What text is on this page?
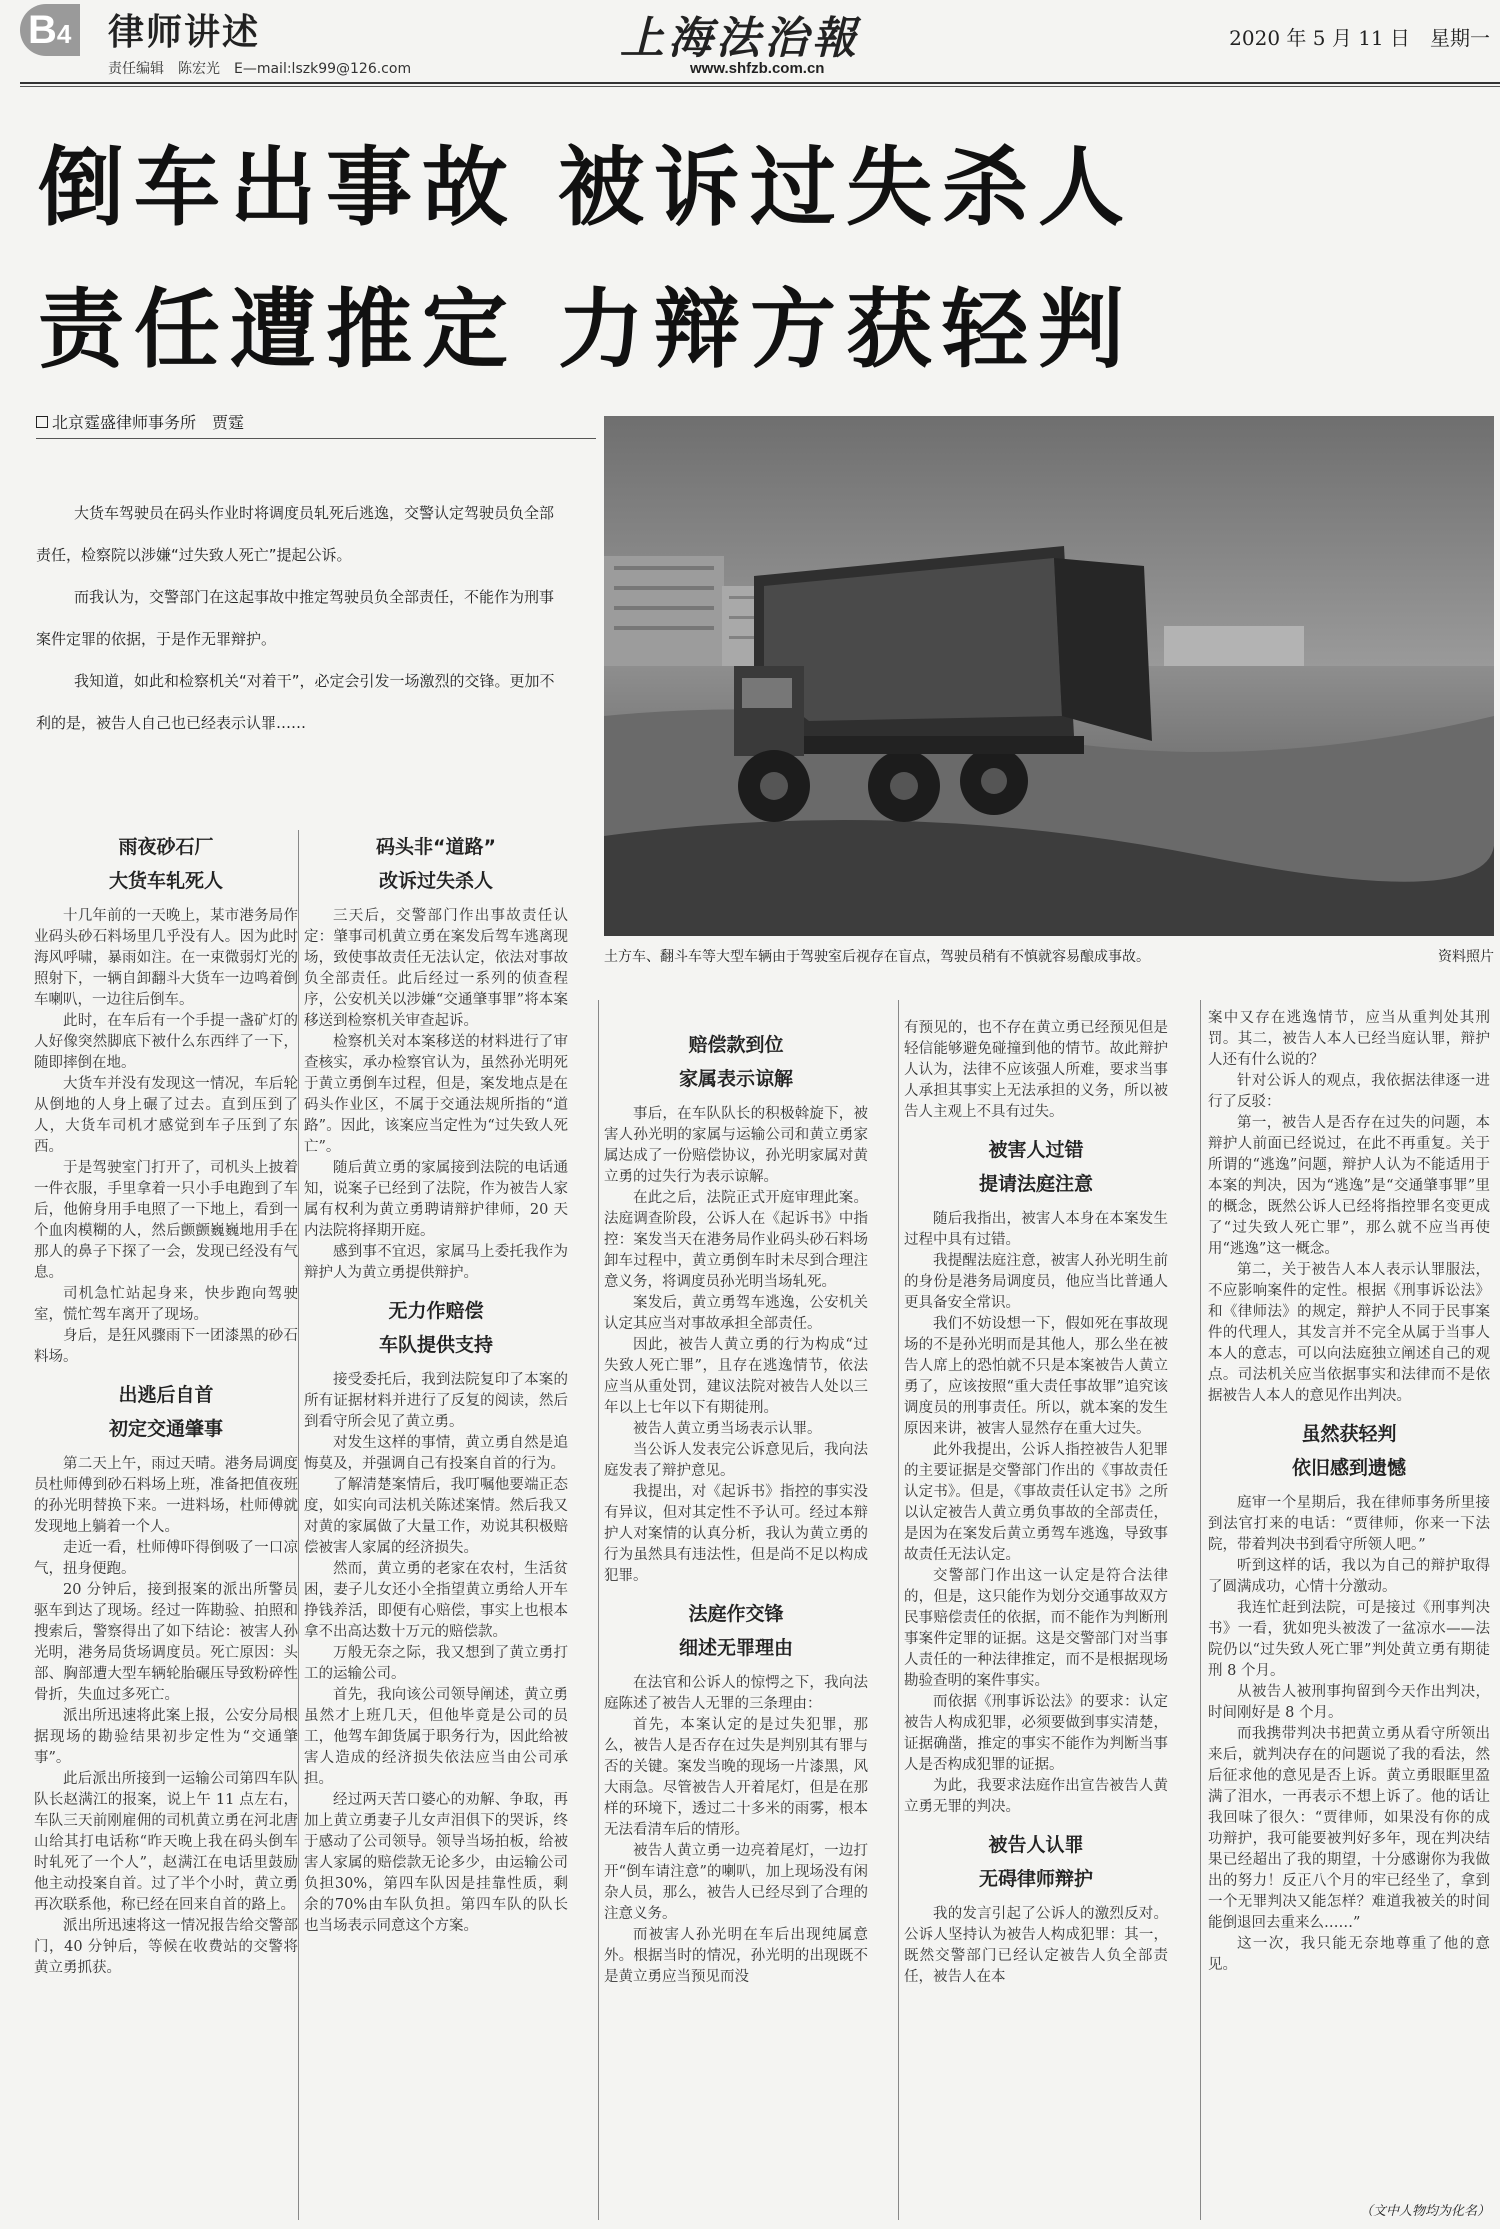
B4 律师讲述
责任编辑　陈宏光　E—mail:lszk99@126.com
上海法治報
www.shfzb.com.cn
2020 年 5 月 11 日　星期一
倒车出事故 被诉过失杀人
责任遭推定 力辩方获轻判
北京霆盛律师事务所　贾霆

大货车驾驶员在码头作业时将调度员轧死后逃逸，交警认定驾驶员负全部责任，检察院以涉嫌“过失致人死亡”提起公诉。

而我认为，交警部门在这起事故中推定驾驶员负全部责任，不能作为刑事案件定罪的依据，于是作无罪辩护。

我知道，如此和检察机关“对着干”，必定会引发一场激烈的交锋。更加不利的是，被告人自己也已经表示认罪……

土方车、翻斗车等大型车辆由于驾驶室后视存在盲点，驾驶员稍有不慎就容易酿成事故。	资料照片
雨夜砂石厂
大货车轧死人

十几年前的一天晚上，某市港务局作业码头砂石料场里几乎没有人。因为此时海风呼啸，暴雨如注。在一束微弱灯光的照射下，一辆自卸翻斗大货车一边鸣着倒车喇叭，一边往后倒车。

此时，在车后有一个手提一盏矿灯的人好像突然脚底下被什么东西绊了一下，随即摔倒在地。

大货车并没有发现这一情况，车后轮从倒地的人身上碾了过去。直到压到了人，大货车司机才感觉到车子压到了东西。

于是驾驶室门打开了，司机头上披着一件衣服，手里拿着一只小手电跑到了车后，他俯身用手电照了一下地上，看到一个血肉模糊的人，然后颤颤巍巍地用手在那人的鼻子下探了一会，发现已经没有气息。

司机急忙站起身来，快步跑向驾驶室，慌忙驾车离开了现场。

身后，是狂风骤雨下一团漆黑的砂石料场。

出逃后自首
初定交通肇事

第二天上午，雨过天晴。港务局调度员杜师傅到砂石料场上班，准备把值夜班的孙光明替换下来。一进料场，杜师傅就发现地上躺着一个人。

走近一看，杜师傅吓得倒吸了一口凉气，扭身便跑。

20 分钟后，接到报案的派出所警员驱车到达了现场。经过一阵勘验、拍照和搜索后，警察得出了如下结论：被害人孙光明，港务局货场调度员。死亡原因：头部、胸部遭大型车辆轮胎碾压导致粉碎性骨折，失血过多死亡。

派出所迅速将此案上报，公安分局根据现场的勘验结果初步定性为“交通肇事”。

此后派出所接到一运输公司第四车队队长赵满江的报案，说上午 11 点左右，车队三天前刚雇佣的司机黄立勇在河北唐山给其打电话称“昨天晚上我在码头倒车时轧死了一个人”，赵满江在电话里鼓励他主动投案自首。过了半个小时，黄立勇再次联系他，称已经在回来自首的路上。

派出所迅速将这一情况报告给交警部门，40 分钟后，等候在收费站的交警将黄立勇抓获。

码头非“道路”
改诉过失杀人

三天后，交警部门作出事故责任认定：肇事司机黄立勇在案发后驾车逃离现场，致使事故责任无法认定，依法对事故负全部责任。此后经过一系列的侦查程序，公安机关以涉嫌“交通肇事罪”将本案移送到检察机关审查起诉。

检察机关对本案移送的材料进行了审查核实，承办检察官认为，虽然孙光明死于黄立勇倒车过程，但是，案发地点是在码头作业区，不属于交通法规所指的“道路”。因此，该案应当定性为“过失致人死亡”。

随后黄立勇的家属接到法院的电话通知，说案子已经到了法院，作为被告人家属有权利为黄立勇聘请辩护律师，20 天内法院将择期开庭。

感到事不宜迟，家属马上委托我作为辩护人为黄立勇提供辩护。

无力作赔偿
车队提供支持

接受委托后，我到法院复印了本案的所有证据材料并进行了反复的阅读，然后到看守所会见了黄立勇。

对发生这样的事情，黄立勇自然是追悔莫及，并强调自己有投案自首的行为。

了解清楚案情后，我叮嘱他要端正态度，如实向司法机关陈述案情。然后我又对黄的家属做了大量工作，劝说其积极赔偿被害人家属的经济损失。

然而，黄立勇的老家在农村，生活贫困，妻子儿女还小全指望黄立勇给人开车挣钱养活，即便有心赔偿，事实上也根本拿不出高达数十万元的赔偿款。

万般无奈之际，我又想到了黄立勇打工的运输公司。

首先，我向该公司领导阐述，黄立勇虽然才上班几天，但他毕竟是公司的员工，他驾车卸货属于职务行为，因此给被害人造成的经济损失依法应当由公司承担。

经过两天苦口婆心的劝解、争取，再加上黄立勇妻子儿女声泪俱下的哭诉，终于感动了公司领导。领导当场拍板，给被害人家属的赔偿款无论多少，由运输公司负担30%，第四车队因是挂靠性质，剩余的70%由车队负担。第四车队的队长也当场表示同意这个方案。

赔偿款到位
家属表示谅解

事后，在车队队长的积极斡旋下，被害人孙光明的家属与运输公司和黄立勇家属达成了一份赔偿协议，孙光明家属对黄立勇的过失行为表示谅解。

在此之后，法院正式开庭审理此案。法庭调查阶段，公诉人在《起诉书》中指控：案发当天在港务局作业码头砂石料场卸车过程中，黄立勇倒车时未尽到合理注意义务，将调度员孙光明当场轧死。

案发后，黄立勇驾车逃逸，公安机关认定其应当对事故承担全部责任。

因此，被告人黄立勇的行为构成“过失致人死亡罪”，且存在逃逸情节，依法应当从重处罚，建议法院对被告人处以三年以上七年以下有期徒刑。

被告人黄立勇当场表示认罪。

当公诉人发表完公诉意见后，我向法庭发表了辩护意见。

我提出，对《起诉书》指控的事实没有异议，但对其定性不予认可。经过本辩护人对案情的认真分析，我认为黄立勇的行为虽然具有违法性，但是尚不足以构成犯罪。

法庭作交锋
细述无罪理由

在法官和公诉人的惊愕之下，我向法庭陈述了被告人无罪的三条理由：

首先，本案认定的是过失犯罪，那么，被告人是否存在过失是判别其有罪与否的关键。案发当晚的现场一片漆黑，风大雨急。尽管被告人开着尾灯，但是在那样的环境下，透过二十多米的雨雾，根本无法看清车后的情形。

被告人黄立勇一边亮着尾灯，一边打开“倒车请注意”的喇叭，加上现场没有闲杂人员，那么，被告人已经尽到了合理的注意义务。

而被害人孙光明在车后出现纯属意外。根据当时的情况，孙光明的出现既不是黄立勇应当预见而没

有预见的，也不存在黄立勇已经预见但是轻信能够避免碰撞到他的情节。故此辩护人认为，法律不应该强人所难，要求当事人承担其事实上无法承担的义务，所以被告人主观上不具有过失。

被害人过错
提请法庭注意

随后我指出，被害人本身在本案发生过程中具有过错。

我提醒法庭注意，被害人孙光明生前的身份是港务局调度员，他应当比普通人更具备安全常识。

我们不妨设想一下，假如死在事故现场的不是孙光明而是其他人，那么坐在被告人席上的恐怕就不只是本案被告人黄立勇了，应该按照“重大责任事故罪”追究该调度员的刑事责任。所以，就本案的发生原因来讲，被害人显然存在重大过失。

此外我提出，公诉人指控被告人犯罪的主要证据是交警部门作出的《事故责任认定书》。但是，《事故责任认定书》之所以认定被告人黄立勇负事故的全部责任，是因为在案发后黄立勇驾车逃逸，导致事故责任无法认定。

交警部门作出这一认定是符合法律的，但是，这只能作为划分交通事故双方民事赔偿责任的依据，而不能作为判断刑事案件定罪的证据。这是交警部门对当事人责任的一种法律推定，而不是根据现场勘验查明的案件事实。

而依据《刑事诉讼法》的要求：认定被告人构成犯罪，必须要做到事实清楚，证据确凿，推定的事实不能作为判断当事人是否构成犯罪的证据。

为此，我要求法庭作出宣告被告人黄立勇无罪的判决。

被告人认罪
无碍律师辩护

我的发言引起了公诉人的激烈反对。公诉人坚持认为被告人构成犯罪：其一，既然交警部门已经认定被告人负全部责任，被告人在本

案中又存在逃逸情节，应当从重判处其刑罚。其二，被告人本人已经当庭认罪，辩护人还有什么说的？

针对公诉人的观点，我依据法律逐一进行了反驳：

第一，被告人是否存在过失的问题，本辩护人前面已经说过，在此不再重复。关于所谓的“逃逸”问题，辩护人认为不能适用于本案的判决，因为“逃逸”是“交通肇事罪”里的概念，既然公诉人已经将指控罪名变更成了“过失致人死亡罪”，那么就不应当再使用“逃逸”这一概念。

第二，关于被告人本人表示认罪服法，不应影响案件的定性。根据《刑事诉讼法》和《律师法》的规定，辩护人不同于民事案件的代理人，其发言并不完全从属于当事人本人的意志，可以向法庭独立阐述自己的观点。司法机关应当依据事实和法律而不是依据被告人本人的意见作出判决。

虽然获轻判
依旧感到遗憾

庭审一个星期后，我在律师事务所里接到法官打来的电话：“贾律师，你来一下法院，带着判决书到看守所领人吧。”

听到这样的话，我以为自己的辩护取得了圆满成功，心情十分激动。

我连忙赶到法院，可是接过《刑事判决书》一看，犹如兜头被泼了一盆凉水——法院仍以“过失致人死亡罪”判处黄立勇有期徒刑 8 个月。

从被告人被刑事拘留到今天作出判决，时间刚好是 8 个月。

而我携带判决书把黄立勇从看守所领出来后，就判决存在的问题说了我的看法，然后征求他的意见是否上诉。黄立勇眼眶里盈满了泪水，一再表示不想上诉了。他的话让我回味了很久：“贾律师，如果没有你的成功辩护，我可能要被判好多年，现在判决结果已经超出了我的期望，十分感谢你为我做出的努力！反正八个月的牢已经坐了，拿到一个无罪判决又能怎样？难道我被关的时间能倒退回去重来么……”

这一次，我只能无奈地尊重了他的意见。

（文中人物均为化名）
